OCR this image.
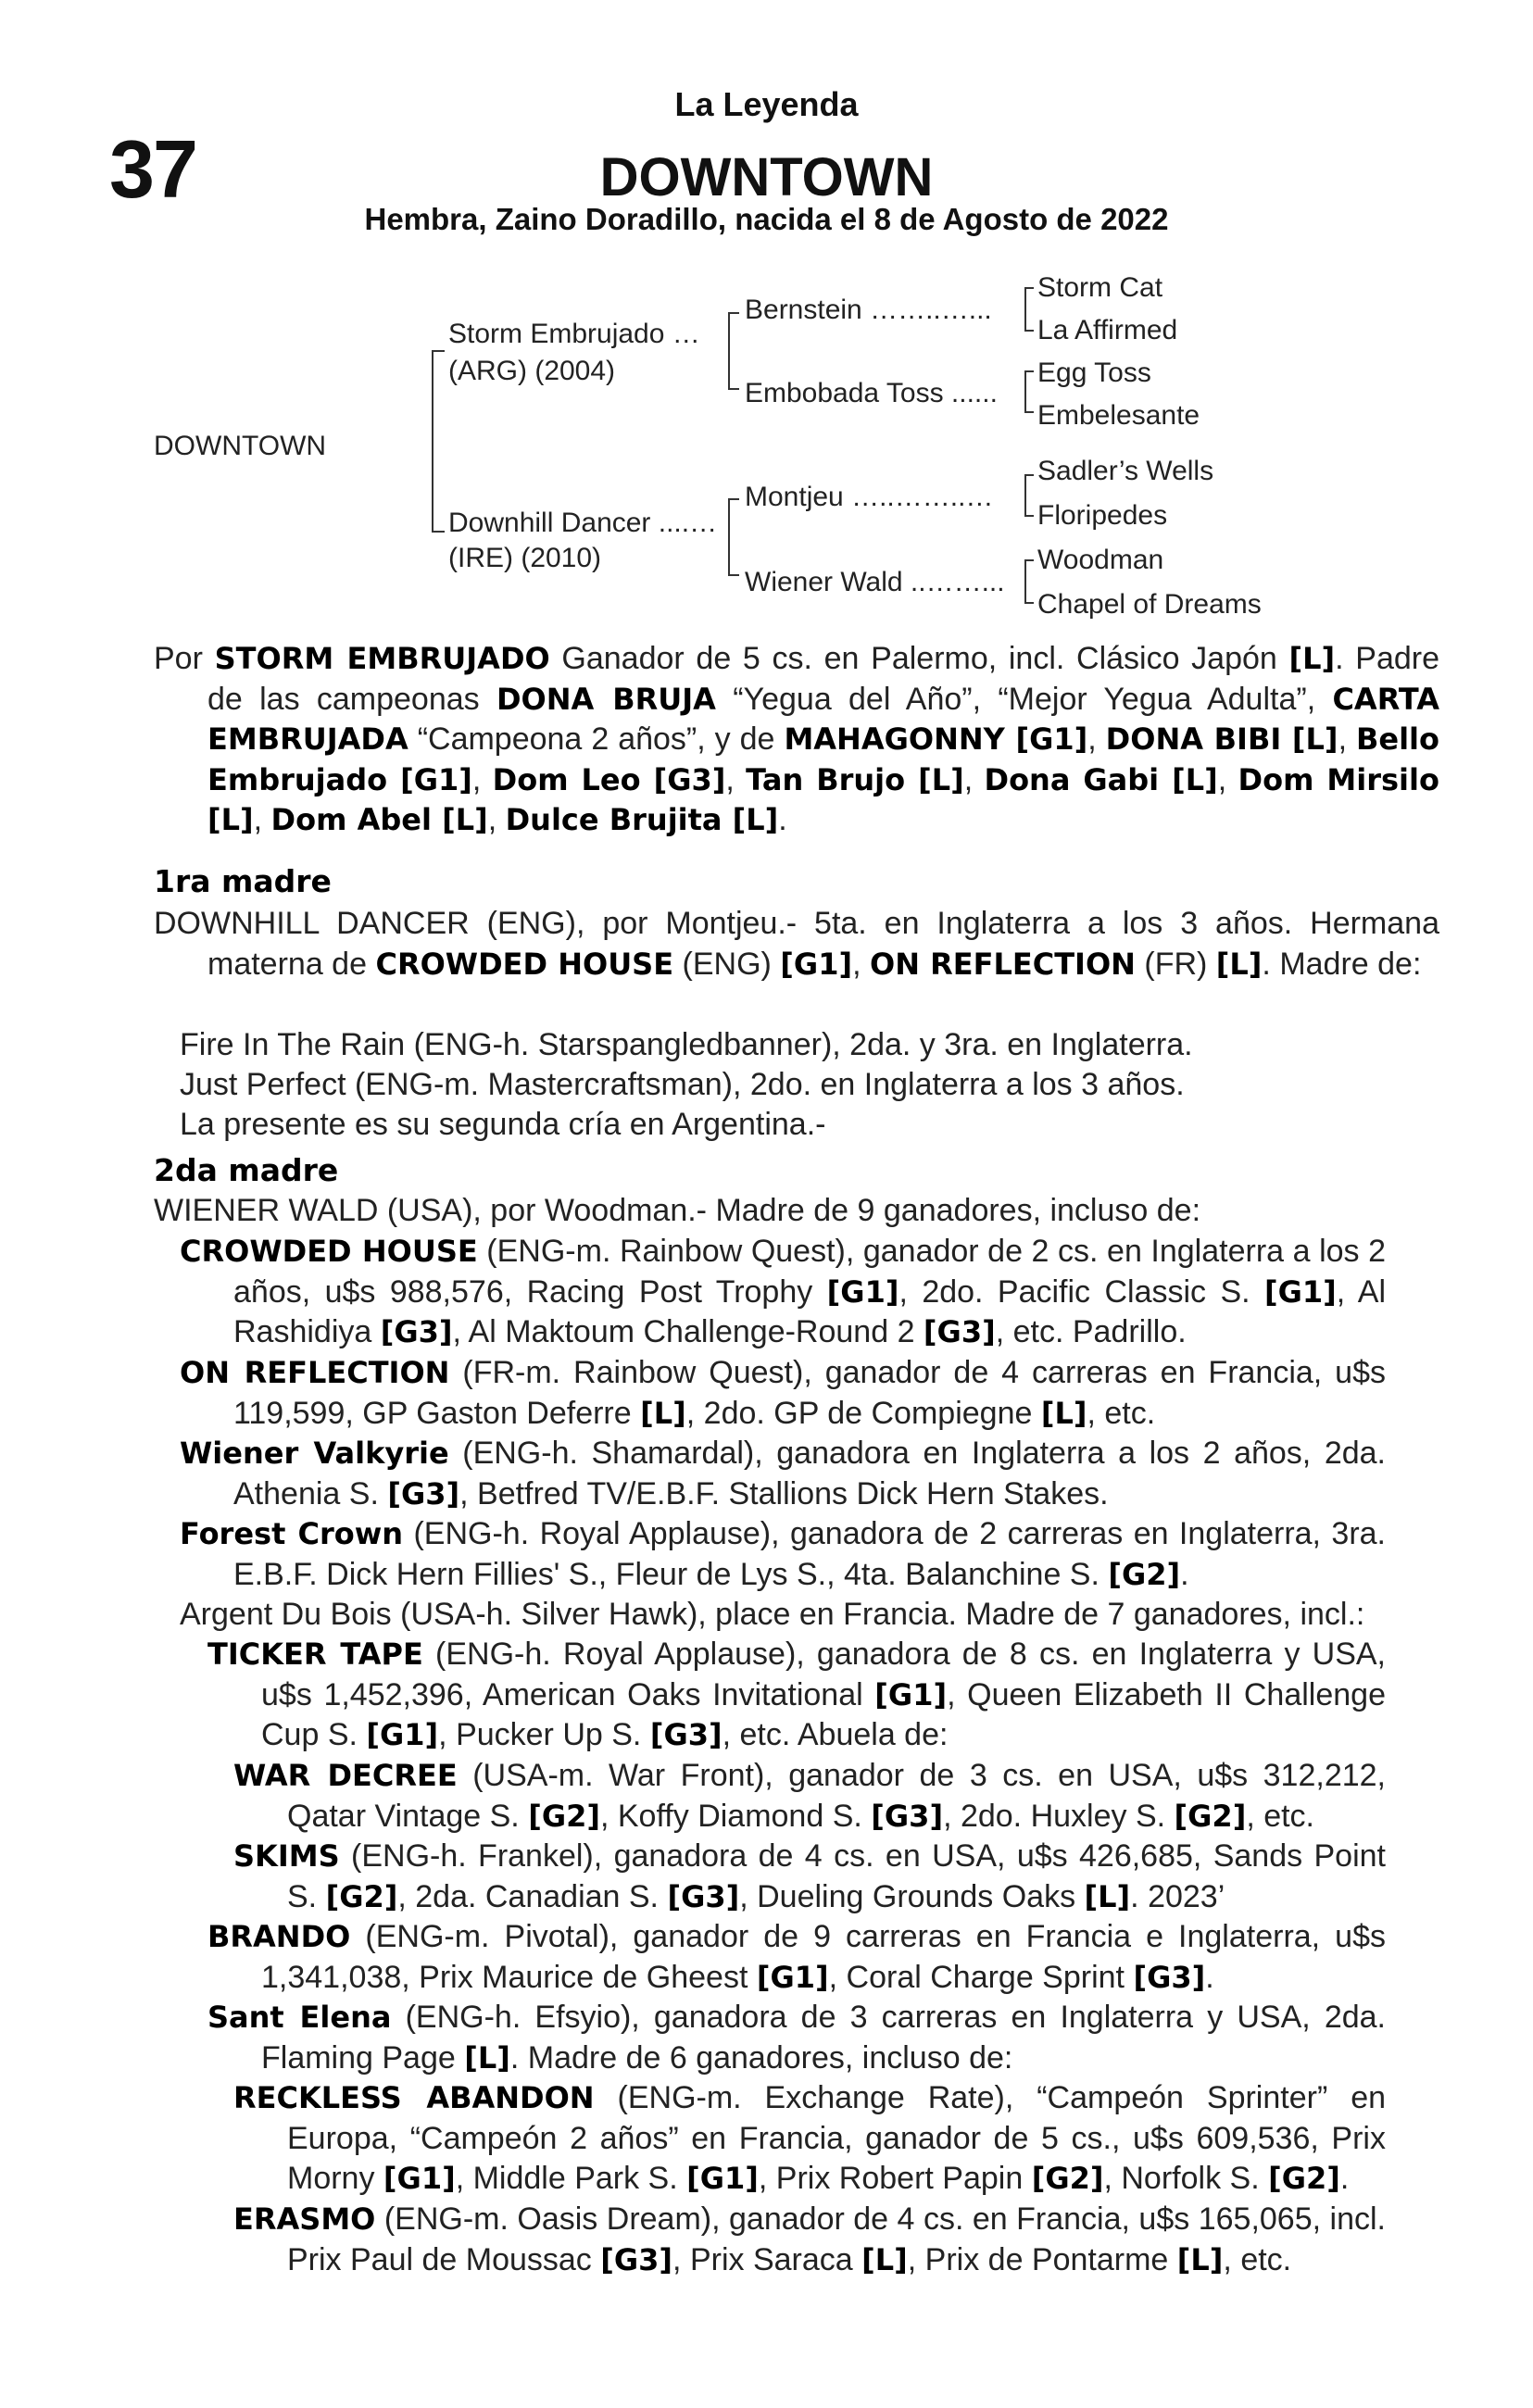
37
La Leyenda
DOWNTOWN
Hembra, Zaino Doradillo, nacida el 8 de Agosto de 2022
DOWNTOWN
Storm Embrujado …
(ARG) (2004)
Downhill Dancer ....…
(IRE) (2010)
Bernstein ……..…...
Embobada Toss ......
Montjeu …..……..…
Wiener Wald ..……...
Storm Cat
La Affirmed
Egg Toss
Embelesante
Sadler’s Wells
Floripedes
Woodman
Chapel of Dreams
Por STORM EMBRUJADO Ganador de 5 cs. en Palermo, incl. Clásico Japón [L]. Padre de las campeonas DONA BRUJA “Yegua del Año”, “Mejor Yegua Adulta”, CARTA EMBRUJADA “Campeona 2 años”, y de MAHAGONNY [G1], DONA BIBI [L], Bello Embrujado [G1], Dom Leo [G3], Tan Brujo [L], Dona Gabi [L], Dom Mirsilo [L], Dom Abel [L], Dulce Brujita [L].
1ra madre
DOWNHILL DANCER (ENG), por Montjeu.- 5ta. en Inglaterra a los 3 años. Hermana materna de CROWDED HOUSE (ENG) [G1], ON REFLECTION (FR) [L]. Madre de:
Fire In The Rain (ENG-h. Starspangledbanner), 2da. y 3ra. en Inglaterra.
Just Perfect (ENG-m. Mastercraftsman), 2do. en Inglaterra a los 3 años.
La presente es su segunda cría en Argentina.-
2da madre
WIENER WALD (USA), por Woodman.- Madre de 9 ganadores, incluso de:
CROWDED HOUSE (ENG-m. Rainbow Quest), ganador de 2 cs. en Inglaterra a los 2 años, u$s 988,576, Racing Post Trophy [G1], 2do. Pacific Classic S. [G1], Al Rashidiya [G3], Al Maktoum Challenge-Round 2 [G3], etc. Padrillo.
ON REFLECTION (FR-m. Rainbow Quest), ganador de 4 carreras en Francia, u$s 119,599, GP Gaston Deferre [L], 2do. GP de Compiegne [L], etc.
Wiener Valkyrie (ENG-h. Shamardal), ganadora en Inglaterra a los 2 años, 2da. Athenia S. [G3], Betfred TV/E.B.F. Stallions Dick Hern Stakes.
Forest Crown (ENG-h. Royal Applause), ganadora de 2 carreras en Inglaterra, 3ra. E.B.F. Dick Hern Fillies' S., Fleur de Lys S., 4ta. Balanchine S. [G2].
Argent Du Bois (USA-h. Silver Hawk), place en Francia. Madre de 7 ganadores, incl.:
TICKER TAPE (ENG-h. Royal Applause), ganadora de 8 cs. en Inglaterra y USA, u$s 1,452,396, American Oaks Invitational [G1], Queen Elizabeth II Challenge Cup S. [G1], Pucker Up S. [G3], etc. Abuela de:
WAR DECREE (USA-m. War Front), ganador de 3 cs. en USA, u$s 312,212, Qatar Vintage S. [G2], Koffy Diamond S. [G3], 2do. Huxley S. [G2], etc.
SKIMS (ENG-h. Frankel), ganadora de 4 cs. en USA, u$s 426,685, Sands Point S. [G2], 2da. Canadian S. [G3], Dueling Grounds Oaks [L]. 2023’
BRANDO (ENG-m. Pivotal), ganador de 9 carreras en Francia e Inglaterra, u$s 1,341,038, Prix Maurice de Gheest [G1], Coral Charge Sprint [G3].
Sant Elena (ENG-h. Efsyio), ganadora de 3 carreras en Inglaterra y USA, 2da. Flaming Page [L]. Madre de 6 ganadores, incluso de:
RECKLESS ABANDON (ENG-m. Exchange Rate), “Campeón Sprinter” en Europa, “Campeón 2 años” en Francia, ganador de 5 cs., u$s 609,536, Prix Morny [G1], Middle Park S. [G1], Prix Robert Papin [G2], Norfolk S. [G2].
ERASMO (ENG-m. Oasis Dream), ganador de 4 cs. en Francia, u$s 165,065, incl. Prix Paul de Moussac [G3], Prix Saraca [L], Prix de Pontarme [L], etc.
